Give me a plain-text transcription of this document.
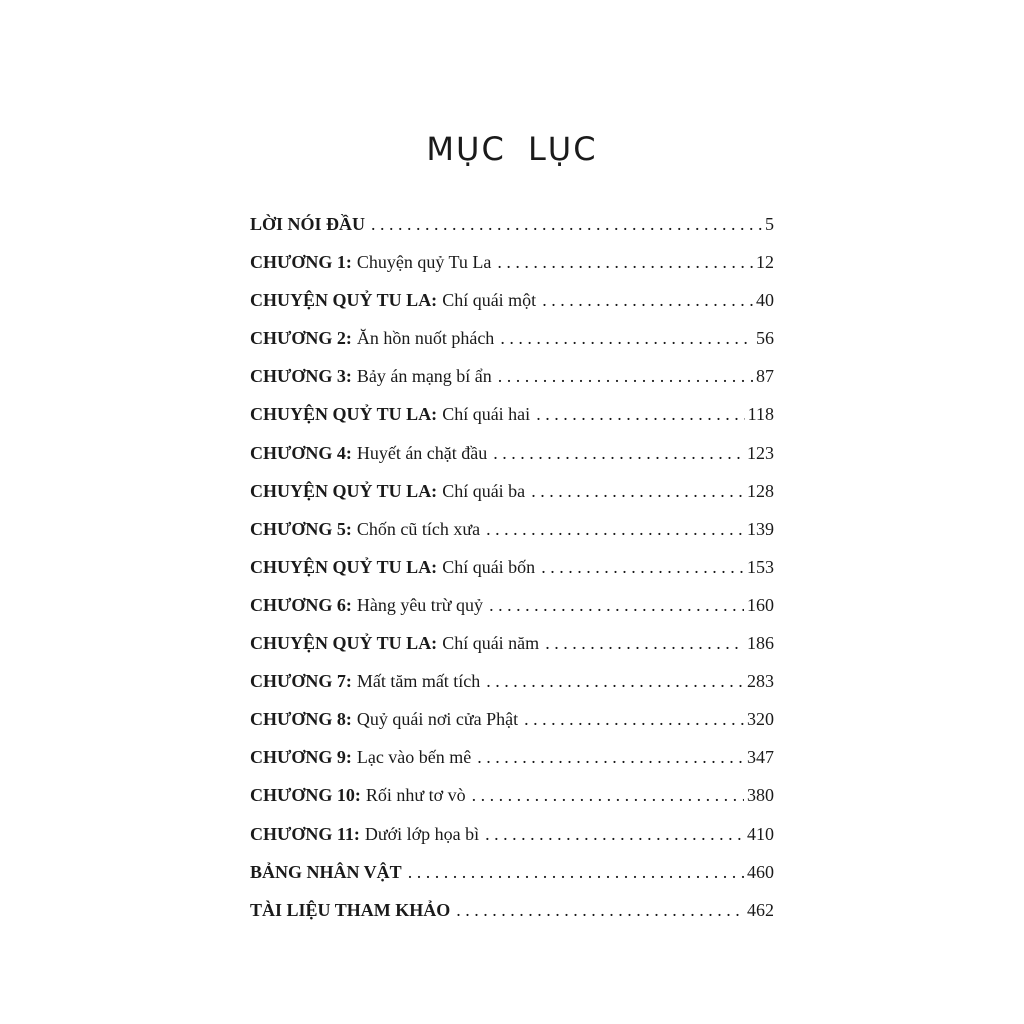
MỤC LỤC
LỜI NÓI ĐẦU . . .	5
CHƯƠNG 1: Chuyện quỷ Tu La . . .	12
CHUYỆN QUỶ TU LA: Chí quái một . . .	40
CHƯƠNG 2: Ăn hồn nuốt phách . . .	56
CHƯƠNG 3: Bảy án mạng bí ẩn . . .	87
CHUYỆN QUỶ TU LA: Chí quái hai . . .	118
CHƯƠNG 4: Huyết án chặt đầu . . .	123
CHUYỆN QUỶ TU LA: Chí quái ba . . .	128
CHƯƠNG 5: Chốn cũ tích xưa . . .	139
CHUYỆN QUỶ TU LA: Chí quái bốn . . .	153
CHƯƠNG 6: Hàng yêu trừ quỷ . . .	160
CHUYỆN QUỶ TU LA: Chí quái năm . . .	186
CHƯƠNG 7: Mất tăm mất tích . . .	283
CHƯƠNG 8: Quỷ quái nơi cửa Phật . . .	320
CHƯƠNG 9: Lạc vào bến mê . . .	347
CHƯƠNG 10: Rối như tơ vò . . .	380
CHƯƠNG 11: Dưới lớp họa bì . . .	410
BẢNG NHÂN VẬT . . .	460
TÀI LIỆU THAM KHẢO . . .	462
